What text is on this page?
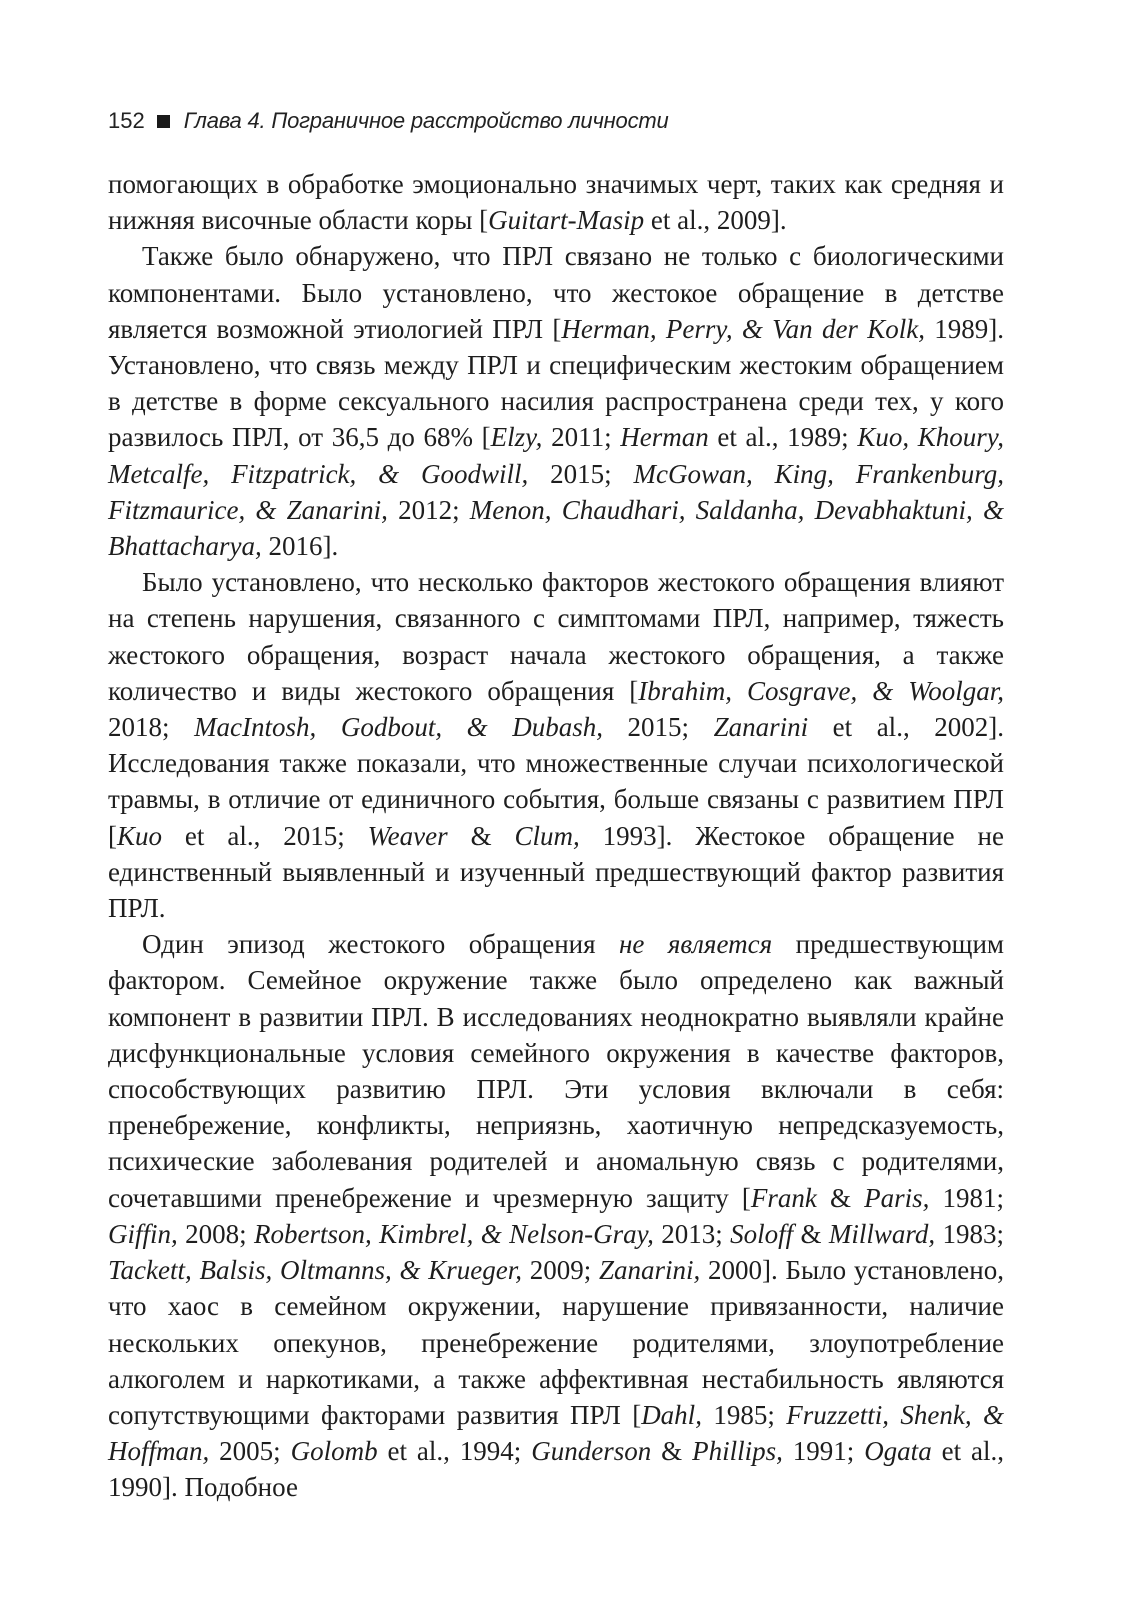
152 Глава 4. Пограничное расстройство личности

помогающих в обработке эмоционально значимых черт, таких как средняя и нижняя височные области коры [Guitart-Masip et al., 2009].

Также было обнаружено, что ПРЛ связано не только с биологическими компонентами. Было установлено, что жестокое обращение в детстве является возможной этиологией ПРЛ [Herman, Perry, & Van der Kolk, 1989]. Установлено, что связь между ПРЛ и специфическим жестоким обращением в детстве в форме сексуального насилия распространена среди тех, у кого развилось ПРЛ, от 36,5 до 68% [Elzy, 2011; Herman et al., 1989; Kuo, Khoury, Metcalfe, Fitzpatrick, & Goodwill, 2015; McGowan, King, Frankenburg, Fitzmaurice, & Zanarini, 2012; Menon, Chaudhari, Saldanha, Devabhaktuni, & Bhattacharya, 2016].

Было установлено, что несколько факторов жестокого обращения влияют на степень нарушения, связанного с симптомами ПРЛ, например, тяжесть жестокого обращения, возраст начала жестокого обращения, а также количество и виды жестокого обращения [Ibrahim, Cosgrave, & Woolgar, 2018; MacIntosh, Godbout, & Dubash, 2015; Zanarini et al., 2002]. Исследования также показали, что множественные случаи психологической травмы, в отличие от единичного события, больше связаны с развитием ПРЛ [Kuo et al., 2015; Weaver & Clum, 1993]. Жестокое обращение не единственный выявленный и изученный предшествующий фактор развития ПРЛ.

Один эпизод жестокого обращения не является предшествующим фактором. Семейное окружение также было определено как важный компонент в развитии ПРЛ. В исследованиях неоднократно выявляли крайне дисфункциональные условия семейного окружения в качестве факторов, способствующих развитию ПРЛ. Эти условия включали в себя: пренебрежение, конфликты, неприязнь, хаотичную непредсказуемость, психические заболевания родителей и аномальную связь с родителями, сочетавшими пренебрежение и чрезмерную защиту [Frank & Paris, 1981; Giffin, 2008; Robertson, Kimbrel, & Nelson-Gray, 2013; Soloff & Millward, 1983; Tackett, Balsis, Oltmanns, & Krueger, 2009; Zanarini, 2000]. Было установлено, что хаос в семейном окружении, нарушение привязанности, наличие нескольких опекунов, пренебрежение родителями, злоупотребление алкоголем и наркотиками, а также аффективная нестабильность являются сопутствующими факторами развития ПРЛ [Dahl, 1985; Fruzzetti, Shenk, & Hoffman, 2005; Golomb et al., 1994; Gunderson & Phillips, 1991; Ogata et al., 1990]. Подобное
